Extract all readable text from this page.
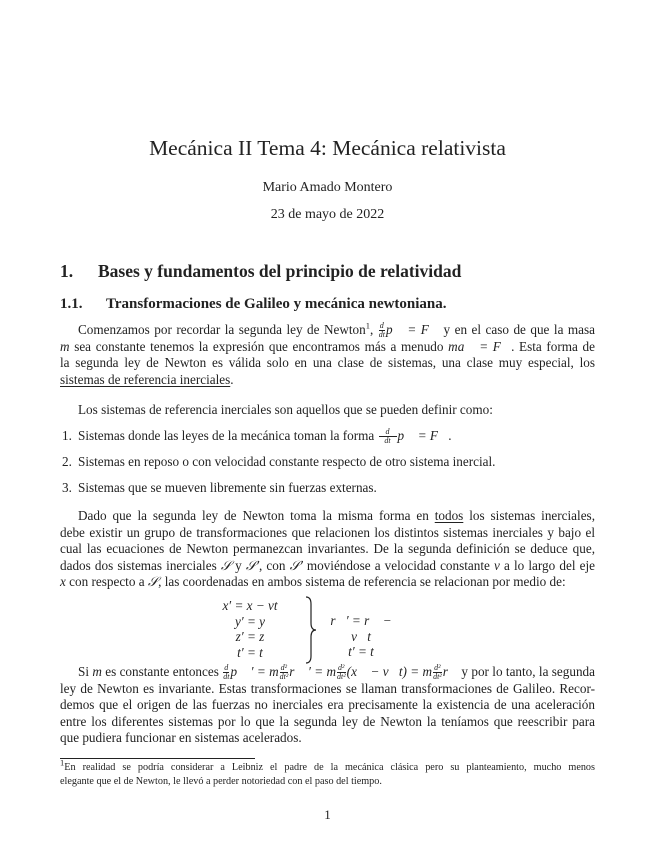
Mecánica II Tema 4: Mecánica relativista
Mario Amado Montero
23 de mayo de 2022
1. Bases y fundamentos del principio de relatividad
1.1. Transformaciones de Galileo y mecánica newtoniana.
Comenzamos por recordar la segunda ley de Newton$^1$, $\frac{d}{dt}$ p⃗ = F⃗ y en el caso de que la masa
m sea constante tenemos la expresión que encontramos más a menudo ma⃗ = F⃗. Esta forma de
la segunda ley de Newton es válida solo en una clase de sistemas, una clase muy especial, los
sistemas de referencia inerciales.
Los sistemas de referencia inerciales son aquellos que se pueden definir como:
1. Sistemas donde las leyes de la mecánica toman la forma $\frac{d}{dt}$ p⃗ = F⃗.
2. Sistemas en reposo o con velocidad constante respecto de otro sistema inercial.
3. Sistemas que se mueven libremente sin fuerzas externas.
Dado que la segunda ley de Newton toma la misma forma en todos los sistemas inerciales,
debe existir un grupo de transformaciones que relacionen los distintos sistemas inerciales y bajo el
cual las ecuaciones de Newton permanezcan invariantes. De la segunda definición se deduce que,
dados dos sistemas inerciales 𝒮 y 𝒮′, con 𝒮′ moviéndose a velocidad constante v a lo largo del eje
x con respecto a 𝒮, las coordenadas en ambos sistema de referencia se relacionan por medio de:
x′ = x − vt
y′ = y
z′ = z
t′ = t
r⃗′ = r⃗ − v⃗t
t′ = t
Si m es constante entonces $\frac{d}{dt}$ p⃗ ′ = m $\frac{\text{d²}}{\text{dt²}}$ r⃗ ′ = m $\frac{\text{d²}}{\text{dt²}}$ (x⃗ − v⃗t) = m $\frac{\text{d²}}{\text{dt²}}$ r⃗ y por lo tanto, la segunda
ley de Newton es invariante. Estas transformaciones se llaman transformaciones de Galileo. Recor-
demos que el origen de las fuerzas no inerciales era precisamente la existencia de una aceleración
entre los diferentes sistemas por lo que la segunda ley de Newton la teníamos que reescribir para
que pudiera funcionar en sistemas acelerados.
$^1$En realidad se podría considerar a Leibniz el padre de la mecánica clásica pero su planteamiento, mucho menos
elegante que el de Newton, le llevó a perder notoriedad con el paso del tiempo.
1
